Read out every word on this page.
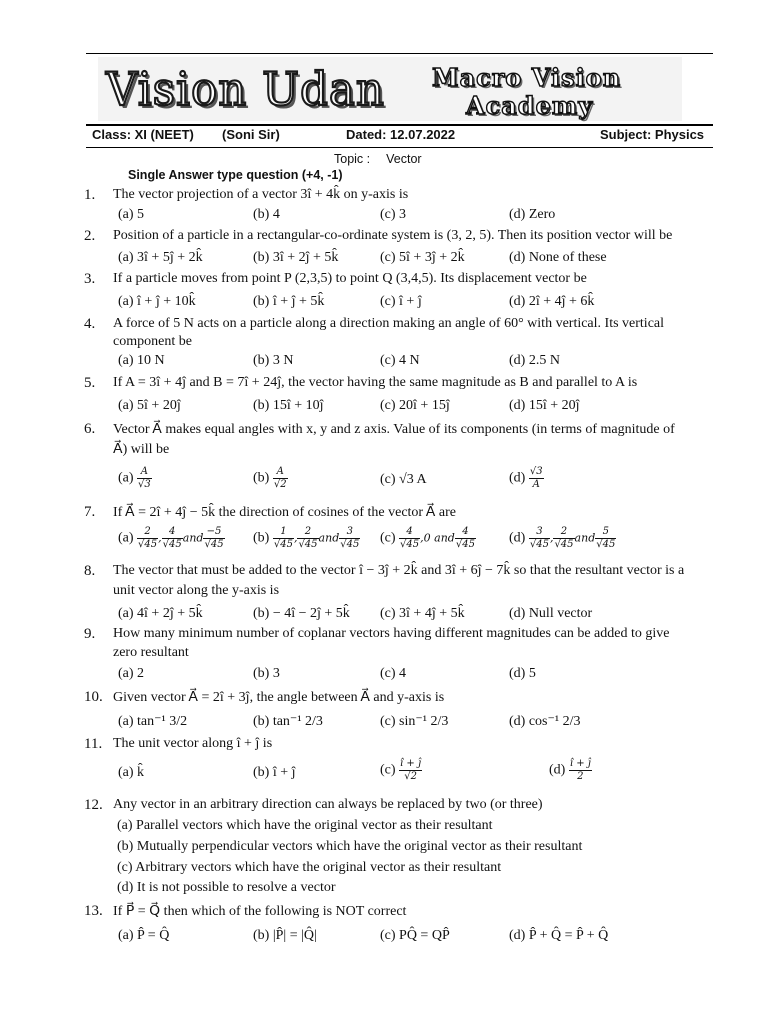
Vision Udan Macro Vision
Academy
Class: XI (NEET) (Soni Sir)	Dated: 12.07.2022	Subject: Physics
Topic : Vector
Single Answer type question (+4, -1)
1. The vector projection of a vector 3î + 4k̂ on y-axis is
(a) 5	(b) 4	(c) 3	(d) Zero
2. Position of a particle in a rectangular-co-ordinate system is (3, 2, 5). Then its position vector will be
(a) 3î + 5ĵ + 2k̂	(b) 3î + 2ĵ + 5k̂	(c) 5î + 3ĵ + 2k̂	(d) None of these
3. If a particle moves from point P (2,3,5) to point Q (3,4,5). Its displacement vector be
(a) î + ĵ + 10k̂	(b) î + ĵ + 5k̂	(c) î + ĵ	(d) 2î + 4ĵ + 6k̂
4. A force of 5 N acts on a particle along a direction making an angle of 60° with vertical. Its vertical
component be
(a) 10 N	(b) 3 N	(c) 4 N	(d) 2.5 N
5. If A = 3î + 4ĵ and B = 7î + 24ĵ, the vector having the same magnitude as B and parallel to A is
(a) 5î + 20ĵ	(b) 15î + 10ĵ	(c) 20î + 15ĵ	(d) 15î + 20ĵ
6. Vector A⃗ makes equal angles with x, y and z axis. Value of its components (in terms of magnitude of
A⃗) will be
$(a) \frac{A}{√3}$	$(b) \frac{A}{√2}$	(c) √3 A	$(d) \frac{√3}{A}$
7. If A⃗ = 2î + 4ĵ − 5k̂ the direction of cosines of the vector A⃗ are
$(a) \frac{2}{√45}$ , $\frac{4}{√45}$ and $\frac{-5}{√45} (b) \frac{1}{√45}$ , $\frac{2}{√45}$ and $\frac{3}{√45} (c) \frac{4}{√45} ,0$ and $\frac{4}{√45} (d) \frac{3}{√45}$ , $\frac{2}{√45}$ and $\frac{5}{√45}$
8. The vector that must be added to the vector î − 3ĵ + 2k̂ and 3î + 6ĵ − 7k̂ so that the resultant vector is a
unit vector along the y-axis is
(a) 4î + 2ĵ + 5k̂	(b) − 4î − 2ĵ + 5k̂ (c) 3î + 4ĵ + 5k̂	(d) Null vector
9. How many minimum number of coplanar vectors having different magnitudes can be added to give
zero resultant
(a) 2	(b) 3	(c) 4	(d) 5
10. Given vector A⃗ = 2î + 3ĵ, the angle between A⃗ and y-axis is
(a) tan⁻¹ 3/2	(b) tan⁻¹ 2/3	(c) sin⁻¹ 2/3	(d) cos⁻¹ 2/3
11. The unit vector along î + ĵ is
(a) k̂	(b) î + ĵ	$(c) \frac{î + ĵ}{√2}$	$(d) \frac{î + ĵ}{2}$
12. Any vector in an arbitrary direction can always be replaced by two (or three)
(a) Parallel vectors which have the original vector as their resultant
(b) Mutually perpendicular vectors which have the original vector as their resultant
(c) Arbitrary vectors which have the original vector as their resultant
(d) It is not possible to resolve a vector
13. If P⃗ = Q⃗ then which of the following is NOT correct
(a) P̂ = Q̂	(b) |P̂| = |Q̂|	(c) PQ̂ = QP̂	(d) P̂ + Q̂ = P̂ + Q̂
